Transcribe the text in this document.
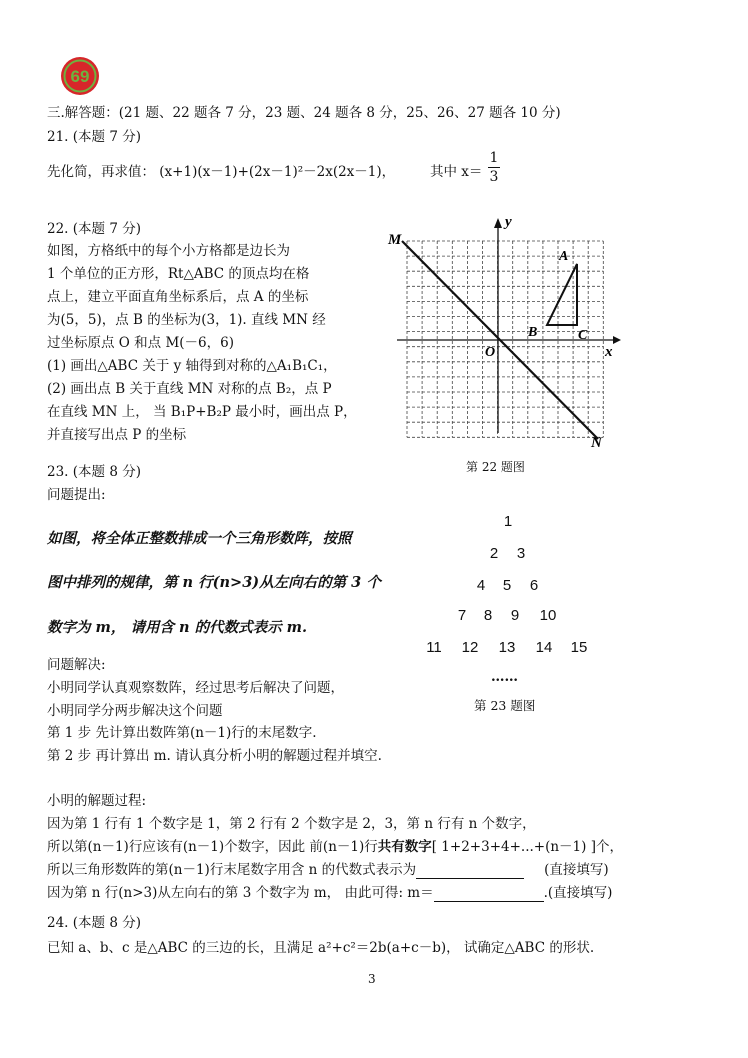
69
三.解答题：(21 题、22 题各 7 分，23 题、24 题各 8 分，25、26、27 题各 10 分)
21. (本题 7 分)
先化简，再求值： (x+1)(x－1)+(2x－1)²－2x(2x－1)，	其中 x＝
1
3
22. (本题 7 分)
如图，方格纸中的每个小方格都是边长为
1 个单位的正方形，Rt△ABC 的顶点均在格
点上，建立平面直角坐标系后，点 A 的坐标
为(5，5)，点 B 的坐标为(3，1). 直线 MN 经
过坐标原点 O 和点 M(－6，6)
(1) 画出△ABC 关于 y 轴得到对称的△A₁B₁C₁，
(2) 画出点 B 关于直线 MN 对称的点 B₂，点 P
在直线 MN 上， 当 B₁P+B₂P 最小时，画出点 P，
并直接写出点 P 的坐标
M
N
y
x
O
A
B	C
第 22 题图
23. (本题 8 分)
问题提出:
如图，将全体正整数排成一个三角形数阵，按照
图中排列的规律，第 n 行(n>3)从左向右的第 3 个
数字为 m， 请用含 n 的代数式表示 m.
1
2	3
4	5	6
7	8	9	10
11	12	13	14	15
……
第 23 题图
问题解决:
小明同学认真观察数阵，经过思考后解决了问题，
小明同学分两步解决这个问题
第 1 步 先计算出数阵第(n－1)行的末尾数字.
第 2 步 再计算出 m. 请认真分析小明的解题过程并填空.
小明的解题过程:
因为第 1 行有 1 个数字是 1，第 2 行有 2 个数字是 2，3，第 n 行有 n 个数字，
所以第(n－1)行应该有(n－1)个数字，因此 前(n－1)行共有数字[ 1+2+3+4+...+(n－1) ]个，
所以三角形数阵的第(n－1)行末尾数字用含 n 的代数式表示为	(直接填写)
因为第 n 行(n>3)从左向右的第 3 个数字为 m， 由此可得: m＝	.(直接填写)
24. (本题 8 分)
已知 a、b、c 是△ABC 的三边的长，且满足 a²+c²＝2b(a+c－b)， 试确定△ABC 的形状.
3
